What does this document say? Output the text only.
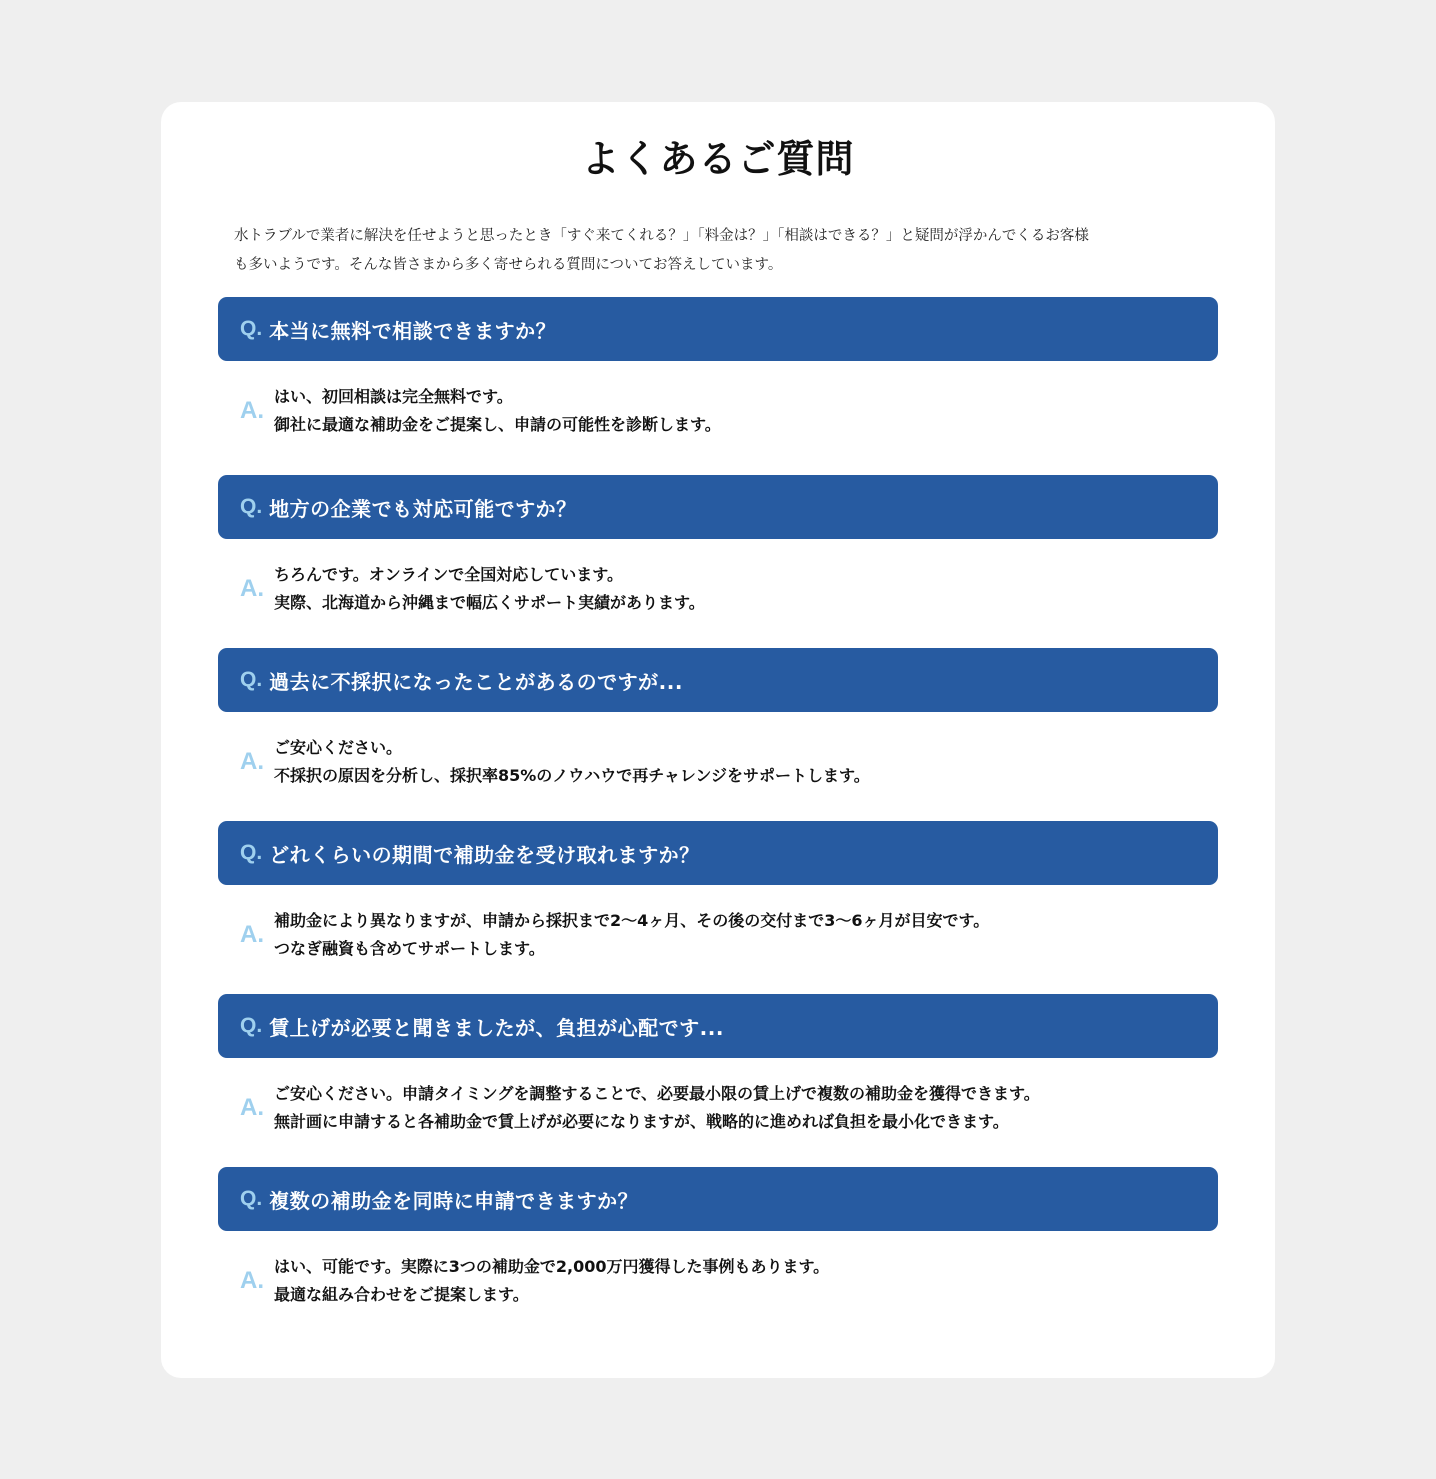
よくあるご質問

水トラブルで業者に解決を任せようと思ったとき「すぐ来てくれる？」「料金は？」「相談はできる？」と疑問が浮かんでくるお客様
も多いようです。そんな皆さまから多く寄せられる質問についてお答えしています。

Q. 本当に無料で相談できますか？
A.
はい、初回相談は完全無料です。
御社に最適な補助金をご提案し、申請の可能性を診断します。
Q. 地方の企業でも対応可能ですか？
A.
ちろんです。オンラインで全国対応しています。
実際、北海道から沖縄まで幅広くサポート実績があります。
Q. 過去に不採択になったことがあるのですが...
A.
ご安心ください。
不採択の原因を分析し、採択率85%のノウハウで再チャレンジをサポートします。
Q. どれくらいの期間で補助金を受け取れますか？
A.
補助金により異なりますが、申請から採択まで2〜4ヶ月、その後の交付まで3〜6ヶ月が目安です。
つなぎ融資も含めてサポートします。
Q. 賃上げが必要と聞きましたが、負担が心配です...
A.
ご安心ください。申請タイミングを調整することで、必要最小限の賃上げで複数の補助金を獲得できます。
無計画に申請すると各補助金で賃上げが必要になりますが、戦略的に進めれば負担を最小化できます。
Q. 複数の補助金を同時に申請できますか？
A.
はい、可能です。実際に3つの補助金で2,000万円獲得した事例もあります。
最適な組み合わせをご提案します。
